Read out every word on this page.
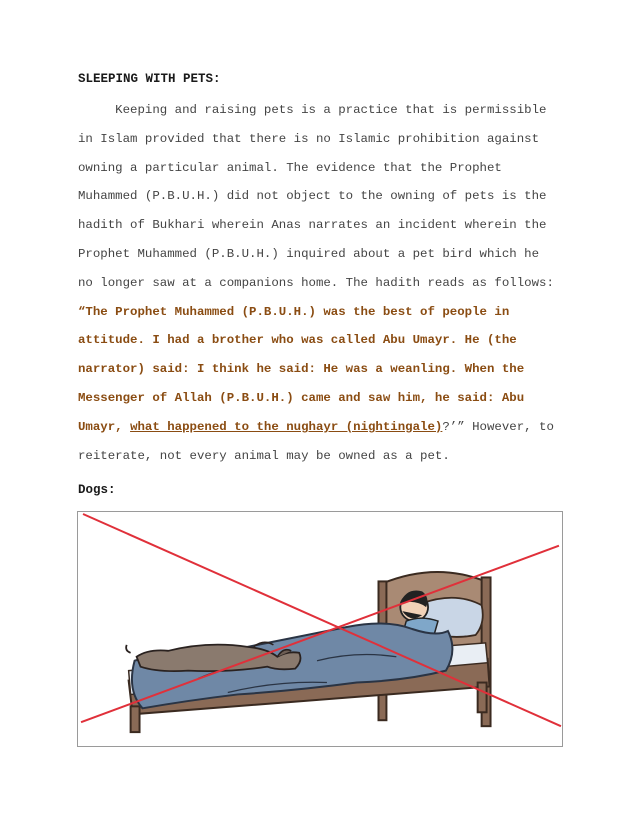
SLEEPING WITH PETS:

Keeping and raising pets is a practice that is permissible
in Islam provided that there is no Islamic prohibition against
owning a particular animal. The evidence that the Prophet
Muhammed (P.B.U.H.) did not object to the owning of pets is the
hadith of Bukhari wherein Anas narrates an incident wherein the
Prophet Muhammed (P.B.U.H.) inquired about a pet bird which he
no longer saw at a companions home. The hadith reads as follows:
“The Prophet Muhammed (P.B.U.H.) was the best of people in
attitude. I had a brother who was called Abu Umayr. He (the
narrator) said: I think he said: He was a weanling. When the
Messenger of Allah (P.B.U.H.) came and saw him, he said: Abu
Umayr, what happened to the nughayr (nightingale)?’” However, to
reiterate, not every animal may be owned as a pet.

Dogs:
